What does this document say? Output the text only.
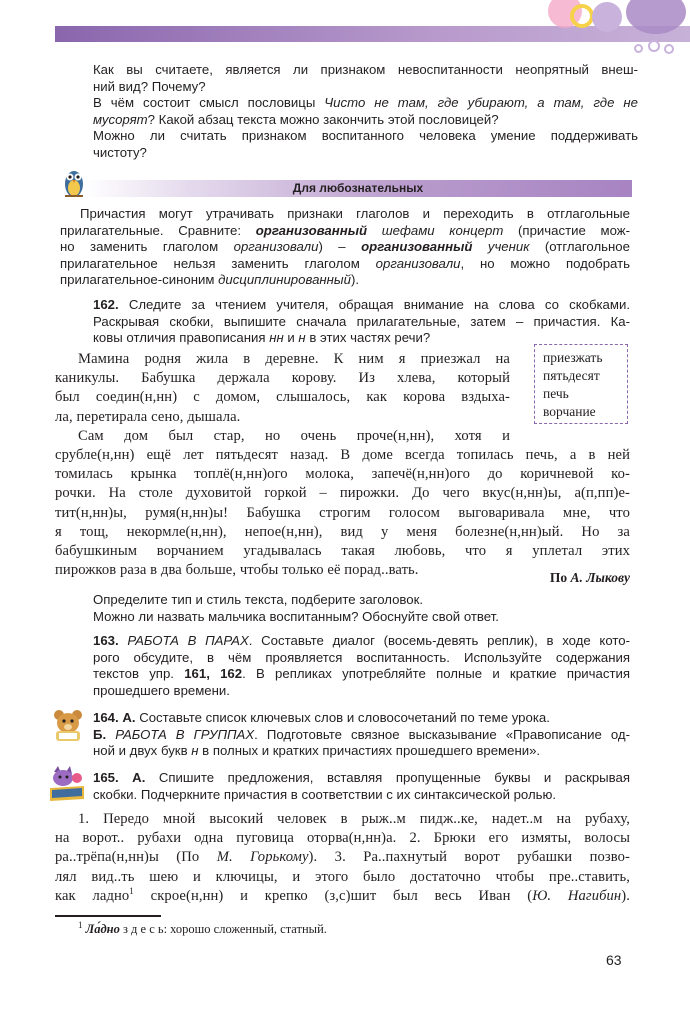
Как вы считаете, является ли признаком невоспитанности неопрятный внеш-

ний вид? Почему?

В чём состоит смысл пословицы Чисто не там, где убирают, а там, где не

мусорят? Какой абзац текста можно закончить этой пословицей?

Можно ли считать признаком воспитанного человека умение поддерживать

чистоту?

Для любознательных

Причастия могут утрачивать признаки глаголов и переходить в отглагольные

прилагательные. Сравните: организованный шефами концерт (причастие мож-

но заменить глаголом организовали) – организованный ученик (отглагольное

прилагательное нельзя заменить глаголом организовали, но можно подобрать

прилагательное-синоним дисциплинированный).

162. Следите за чтением учителя, обращая внимание на слова со скобками.

Раскрывая скобки, выпишите сначала прилагательные, затем – причастия. Ка-

ковы отличия правописания нн и н в этих частях речи?

приезжать
пятьдесят
печь
ворчание

Мамина родня жила в деревне. К ним я приезжал на

каникулы. Бабушка держала корову. Из хлева, который

был соедин(н,нн) с домом, слышалось, как корова вздыха-

ла, перетирала сено, дышала.

Сам дом был стар, но очень проче(н,нн), хотя и

срубле(н,нн) ещё лет пятьдесят назад. В доме всегда топилась печь, а в ней

томилась крынка топлё(н,нн)ого молока, запечё(н,нн)ого до коричневой ко-

рочки. На столе духовитой горкой – пирожки. До чего вкус(н,нн)ы, а(п,пп)е-

тит(н,нн)ы, румя(н,нн)ы! Бабушка строгим голосом выговаривала мне, что

я тощ, некормле(н,нн), непое(н,нн), вид у меня болезне(н,нн)ый. Но за

бабушкиным ворчанием угадывалась такая любовь, что я уплетал этих

пирожков раза в два больше, чтобы только её пopaд..вать.	По А. Лыкову

Определите тип и стиль текста, подберите заголовок.

Можно ли назвать мальчика воспитанным? Обоснуйте свой ответ.

163. РАБОТА В ПАРАХ. Составьте диалог (восемь-девять реплик), в ходе кото-

рого обсудите, в чём проявляется воспитанность. Используйте содержания

текстов упр. 161, 162. В репликах употребляйте полные и краткие причастия

прошедшего времени.

164. А. Составьте список ключевых слов и словосочетаний по теме урока.

Б. РАБОТА В ГРУППАХ. Подготовьте связное высказывание «Правописание од-

ной и двух букв н в полных и кратких причастиях прошедшего времени».

165. А. Спишите предложения, вставляя пропущенные буквы и раскрывая

скобки. Подчеркните причастия в соответствии с их синтаксической ролью.

1. Передо мной высокий человек в рыж..м пидж..ке, надет..м на рубаху,

на ворот.. рубахи одна пуговица оторва(н,нн)а. 2. Брюки его измяты, волосы

ра..трёпа(н,нн)ы (По М. Горькому). 3. Ра..пахнутый ворот рубашки позво-

лял вид..ть шею и ключицы, и этого было достаточно чтобы пре..ставить,

как ладно$^1$ скрое(н,нн) и крепко (з,с)шит был весь Иван (Ю. Нагибин).

$^1$ Ла́дно з д е с ь: хорошо сложенный, статный.
63
